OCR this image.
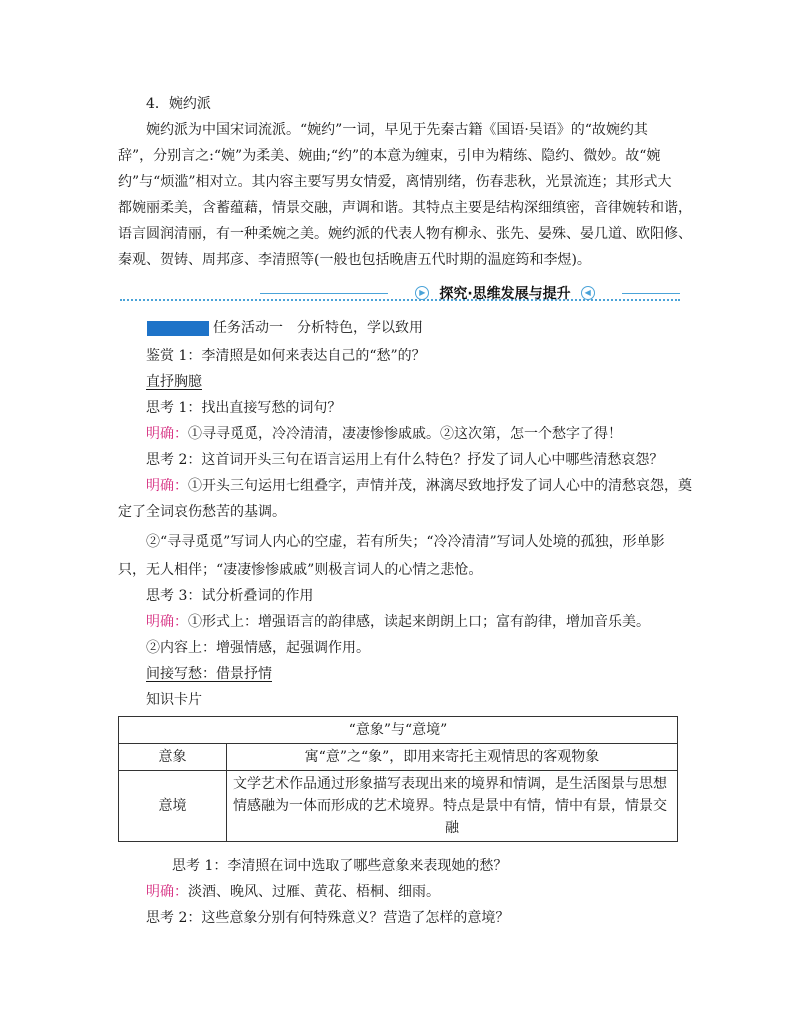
4．婉约派
婉约派为中国宋词流派。“婉约”一词，早见于先秦古籍《国语·吴语》的“故婉约其
辞”，分别言之:“婉”为柔美、婉曲;“约”的本意为缠束，引申为精练、隐约、微妙。故“婉
约”与“烦滥”相对立。其内容主要写男女情爱，离情别绪，伤春悲秋，光景流连；其形式大
都婉丽柔美，含蓄蕴藉，情景交融，声调和谐。其特点主要是结构深细缜密，音律婉转和谐，
语言圆润清丽，有一种柔婉之美。婉约派的代表人物有柳永、张先、晏殊、晏几道、欧阳修、
秦观、贺铸、周邦彦、李清照等(一般也包括晚唐五代时期的温庭筠和李煜)。
▶ 探究·思维发展与提升	◀
任务活动一　分析特色，学以致用
鉴赏 1：李清照是如何来表达自己的“愁”的？
直抒胸臆
思考 1：找出直接写愁的词句？
明确：①寻寻觅觅，冷冷清清，凄凄惨惨戚戚。②这次第，怎一个愁字了得！
思考 2：这首词开头三句在语言运用上有什么特色？抒发了词人心中哪些清愁哀怨？
明确：①开头三句运用七组叠字，声情并茂，淋漓尽致地抒发了词人心中的清愁哀怨，奠
定了全词哀伤愁苦的基调。
②“寻寻觅觅”写词人内心的空虚，若有所失；“冷冷清清”写词人处境的孤独，形单影
只，无人相伴；“凄凄惨惨戚戚”则极言词人的心情之悲怆。
思考 3：试分析叠词的作用
明确：①形式上：增强语言的韵律感，读起来朗朗上口；富有韵律，增加音乐美。
②内容上：增强情感，起强调作用。
间接写愁：借景抒情
知识卡片
“意象”与“意境”	
意象	寓“意”之“象”，即用来寄托主观情思的客观物象
意境	文学艺术作品通过形象描写表现出来的境界和情调，是生活图景与思想
情感融为一体而形成的艺术境界。特点是景中有情，情中有景，情景交
融
思考 1：李清照在词中选取了哪些意象来表现她的愁？
明确：淡酒、晚风、过雁、黄花、梧桐、细雨。
思考 2：这些意象分别有何特殊意义？营造了怎样的意境？
